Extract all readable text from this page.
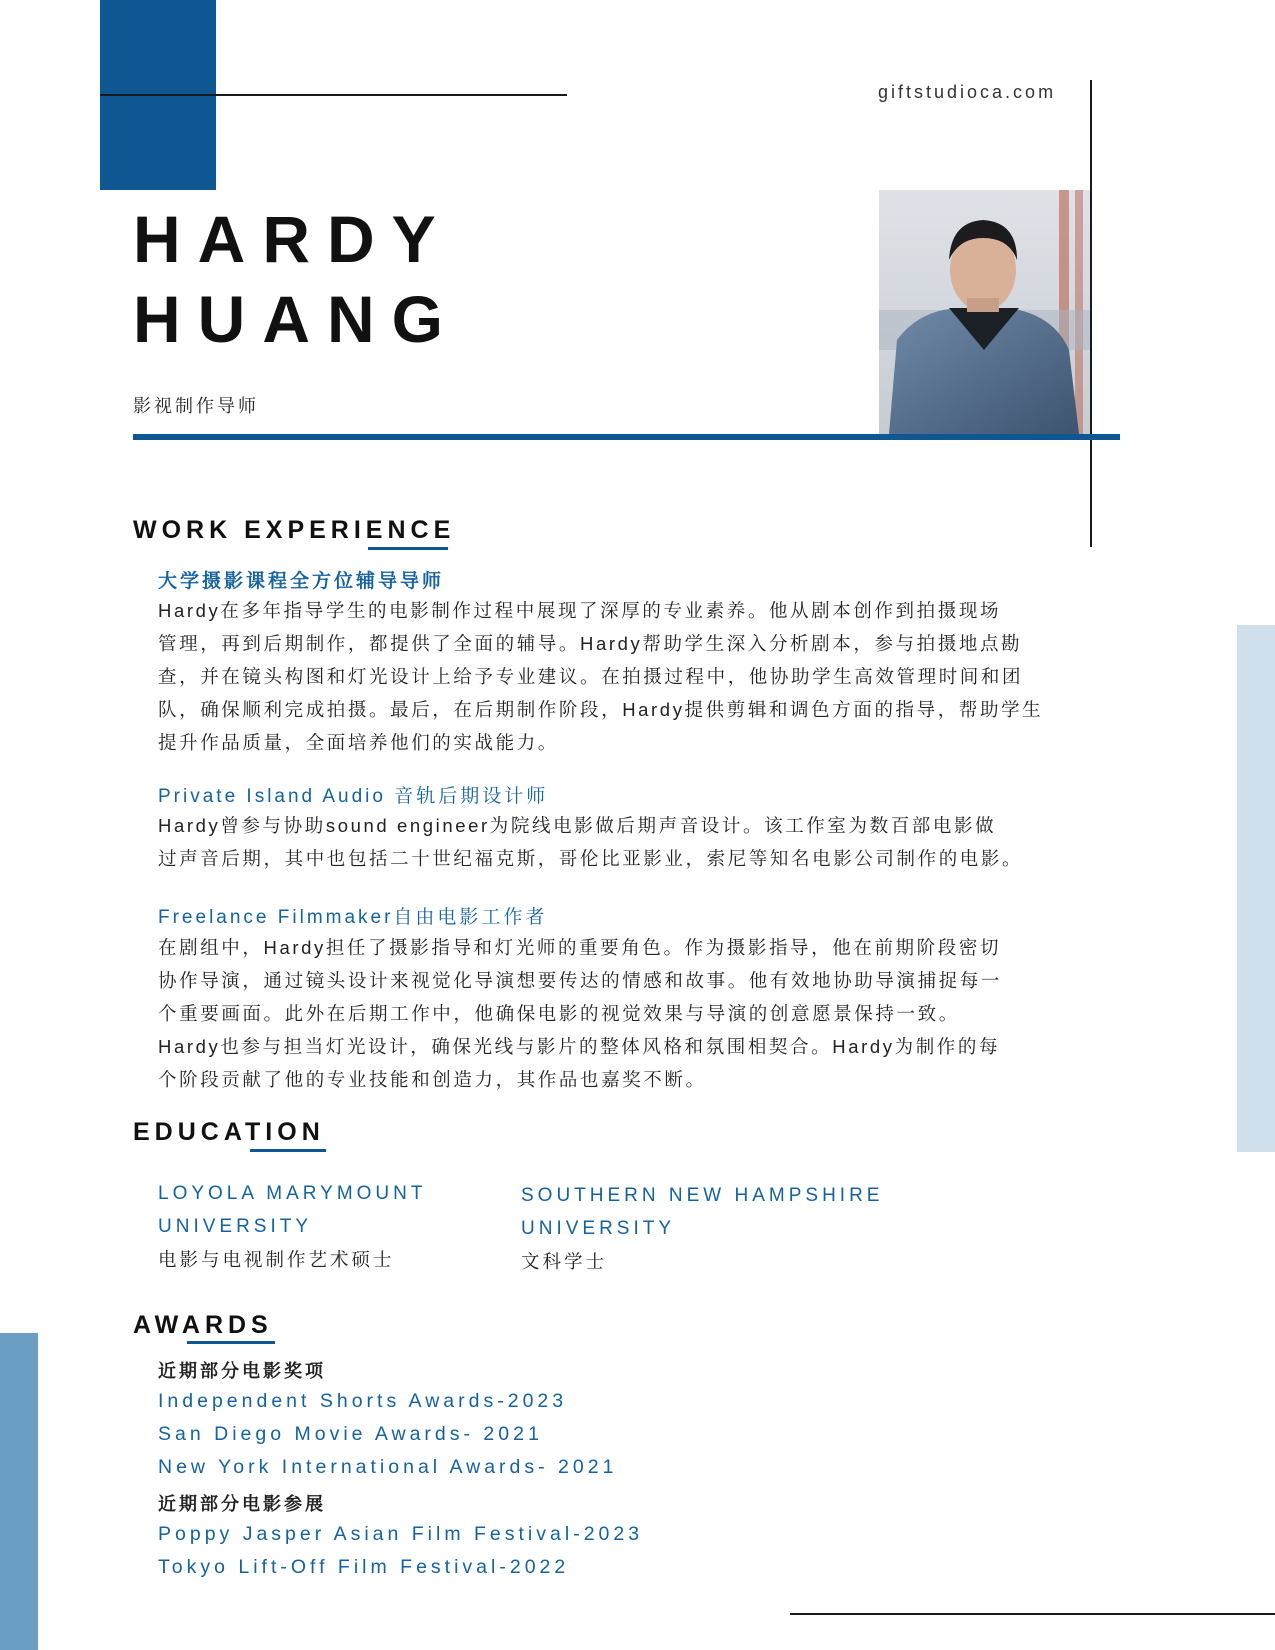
giftstudioca.com
HARDY
HUANG
影视制作导师
WORK EXPERIENCE
大学摄影课程全方位辅导导师
Hardy在多年指导学生的电影制作过程中展现了深厚的专业素养。他从剧本创作到拍摄现场
管理，再到后期制作，都提供了全面的辅导。Hardy帮助学生深入分析剧本，参与拍摄地点勘
查，并在镜头构图和灯光设计上给予专业建议。在拍摄过程中，他协助学生高效管理时间和团
队，确保顺利完成拍摄。最后，在后期制作阶段，Hardy提供剪辑和调色方面的指导，帮助学生
提升作品质量，全面培养他们的实战能力。
Private Island Audio 音轨后期设计师
Hardy曾参与协助sound engineer为院线电影做后期声音设计。该工作室为数百部电影做
过声音后期，其中也包括二十世纪福克斯，哥伦比亚影业，索尼等知名电影公司制作的电影。
Freelance Filmmaker自由电影工作者
在剧组中，Hardy担任了摄影指导和灯光师的重要角色。作为摄影指导，他在前期阶段密切
协作导演，通过镜头设计来视觉化导演想要传达的情感和故事。他有效地协助导演捕捉每一
个重要画面。此外在后期工作中，他确保电影的视觉效果与导演的创意愿景保持一致。
Hardy也参与担当灯光设计，确保光线与影片的整体风格和氛围相契合。Hardy为制作的每
个阶段贡献了他的专业技能和创造力，其作品也嘉奖不断。
EDUCATION
LOYOLA MARYMOUNT
UNIVERSITY
电影与电视制作艺术硕士
SOUTHERN NEW HAMPSHIRE
UNIVERSITY
文科学士
AWARDS
近期部分电影奖项
Independent Shorts Awards-2023
San Diego Movie Awards- 2021
New York International Awards- 2021
近期部分电影参展
Poppy Jasper Asian Film Festival-2023
Tokyo Lift-Off Film Festival-2022
